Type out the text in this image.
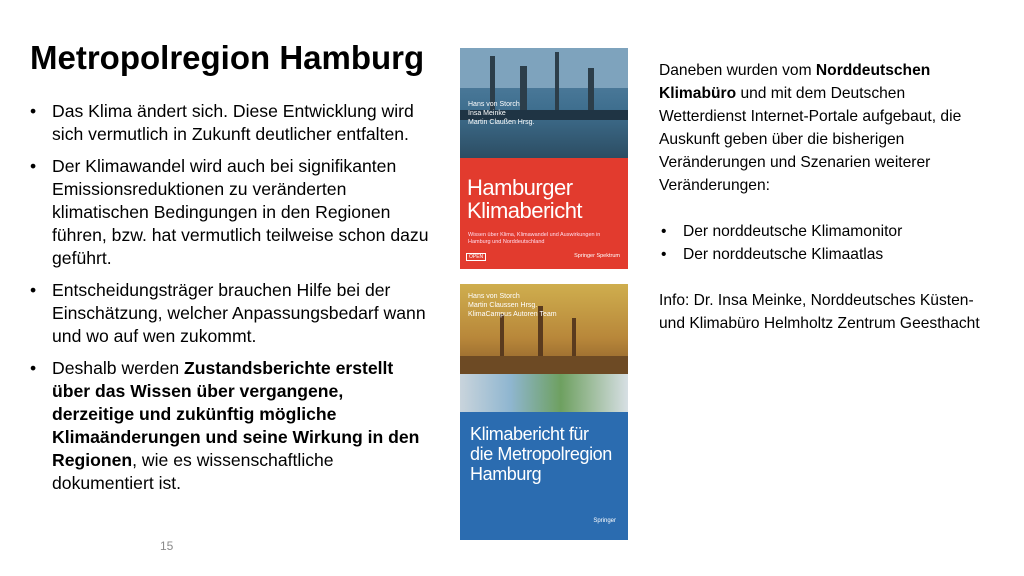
Metropolregion Hamburg
• Das Klima ändert sich. Diese Entwicklung wird sich vermutlich in Zukunft deutlicher entfalten.
• Der Klimawandel wird auch bei signifikanten Emissionsreduktionen zu veränderten klimatischen Bedingungen in den Regionen führen, bzw. hat vermutlich teilweise schon dazu geführt.
• Entscheidungsträger brauchen Hilfe bei der Einschätzung, welcher Anpassungsbedarf wann und wo auf wen zukommt.
• Deshalb werden Zustandsberichte erstellt über das Wissen über vergangene, derzeitige und zukünftig mögliche Klimaänderungen und seine Wirkung in den Regionen, wie es wissenschaftliche dokumentiert ist.
15
Hans von Storch
Insa Meinke
Martin Claußen Hrsg.
Hamburger
Klimabericht
Wissen über Klima, Klimawandel und Auswirkungen in Hamburg und Norddeutschland
OPEN	Springer Spektrum
Hans von Storch
Martin Claussen Hrsg.
KlimaCampus Autoren Team
Klimabericht für
die Metropolregion
Hamburg
Springer

Daneben wurden vom Norddeutschen Klimabüro und mit dem Deutschen Wetterdienst Internet-Portale aufgebaut, die Auskunft geben über die bisherigen Veränderungen und Szenarien weiterer Veränderungen:

• Der norddeutsche Klimamonitor
• Der norddeutsche Klimaatlas

Info: Dr. Insa Meinke, Norddeutsches Küsten- und Klimabüro Helmholtz Zentrum Geesthacht
